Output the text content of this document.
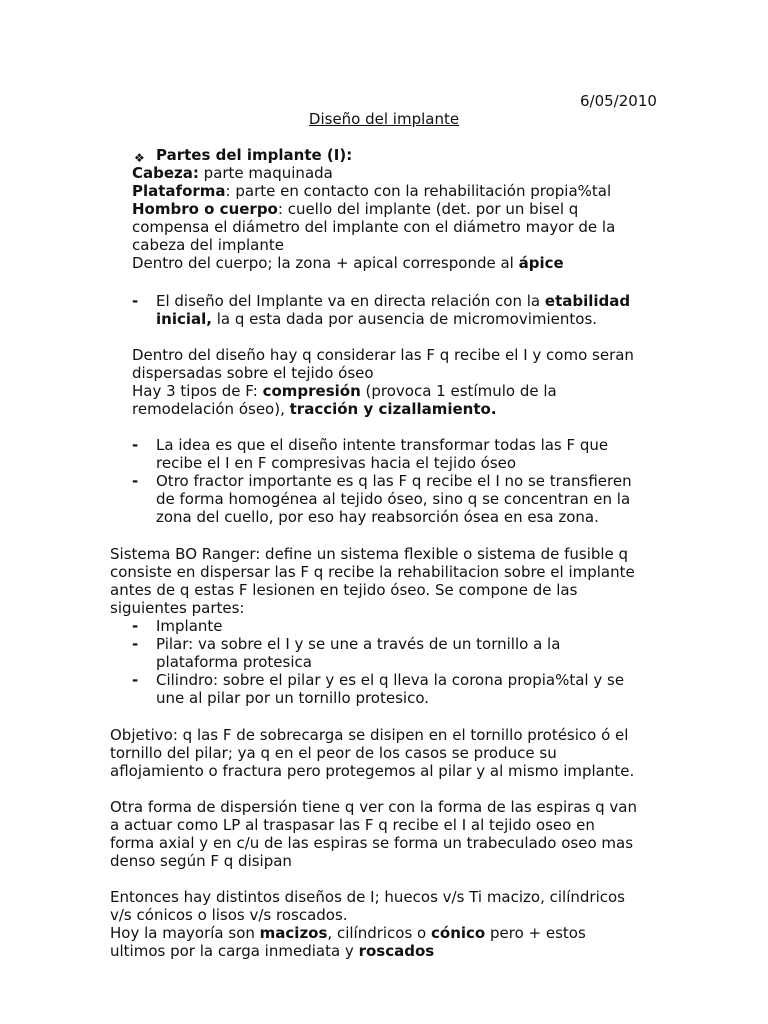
6/05/2010
Diseño del implante
❖ Partes del implante (I):
Cabeza: parte maquinada
Plataforma: parte en contacto con la rehabilitación propia%tal
Hombro o cuerpo: cuello del implante (det. por un bisel q
compensa el diámetro del implante con el diámetro mayor de la
cabeza del implante
Dentro del cuerpo; la zona + apical corresponde al ápice
-	El diseño del Implante va en directa relación con la etabilidad
inicial, la q esta dada por ausencia de micromovimientos.
Dentro del diseño hay q considerar las F q recibe el I y como seran
dispersadas sobre el tejido óseo
Hay 3 tipos de F: compresión (provoca 1 estímulo de la
remodelación óseo), tracción y cizallamiento.
-	La idea es que el diseño intente transformar todas las F que
recibe el I en F compresivas hacia el tejido óseo
-	Otro fractor importante es q las F q recibe el I no se transfieren
de forma homogénea al tejido óseo, sino q se concentran en la
zona del cuello, por eso hay reabsorción ósea en esa zona.
Sistema BO Ranger: define un sistema flexible o sistema de fusible q
consiste en dispersar las F q recibe la rehabilitacion sobre el implante
antes de q estas F lesionen en tejido óseo. Se compone de las
siguientes partes:
-	Implante
-	Pilar: va sobre el I y se une a través de un tornillo a la
plataforma protesica
-	Cilindro: sobre el pilar y es el q lleva la corona propia%tal y se
une al pilar por un tornillo protesico.
Objetivo: q las F de sobrecarga se disipen en el tornillo protésico ó el
tornillo del pilar; ya q en el peor de los casos se produce su
aflojamiento o fractura pero protegemos al pilar y al mismo implante.
Otra forma de dispersión tiene q ver con la forma de las espiras q van
a actuar como LP al traspasar las F q recibe el I al tejido oseo en
forma axial y en c/u de las espiras se forma un trabeculado oseo mas
denso según F q disipan
Entonces hay distintos diseños de I; huecos v/s Ti macizo, cilíndricos
v/s cónicos o lisos v/s roscados.
Hoy la mayoría son macizos, cilíndricos o cónico pero + estos
ultimos por la carga inmediata y roscados
